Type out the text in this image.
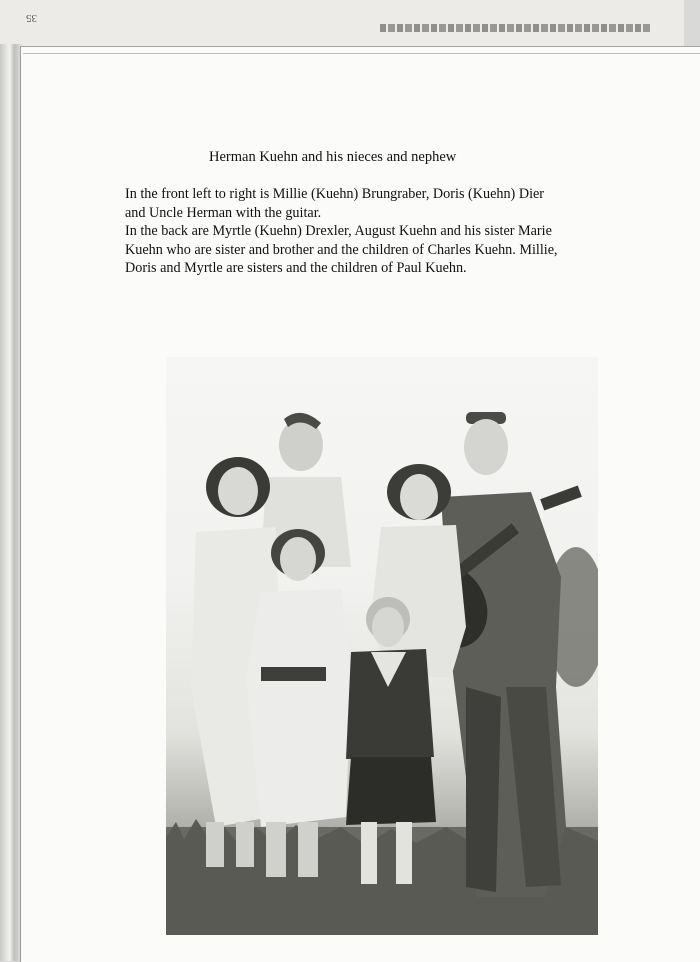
35
Herman Kuehn and his nieces and nephew

In the front left to right is Millie (Kuehn) Brungraber, Doris (Kuehn) Dier

and Uncle Herman with the guitar.

In the back are Myrtle (Kuehn) Drexler, August Kuehn and his sister Marie

Kuehn who are sister and brother and the children of Charles Kuehn. Millie,

Doris and Myrtle are sisters and the children of Paul Kuehn.
